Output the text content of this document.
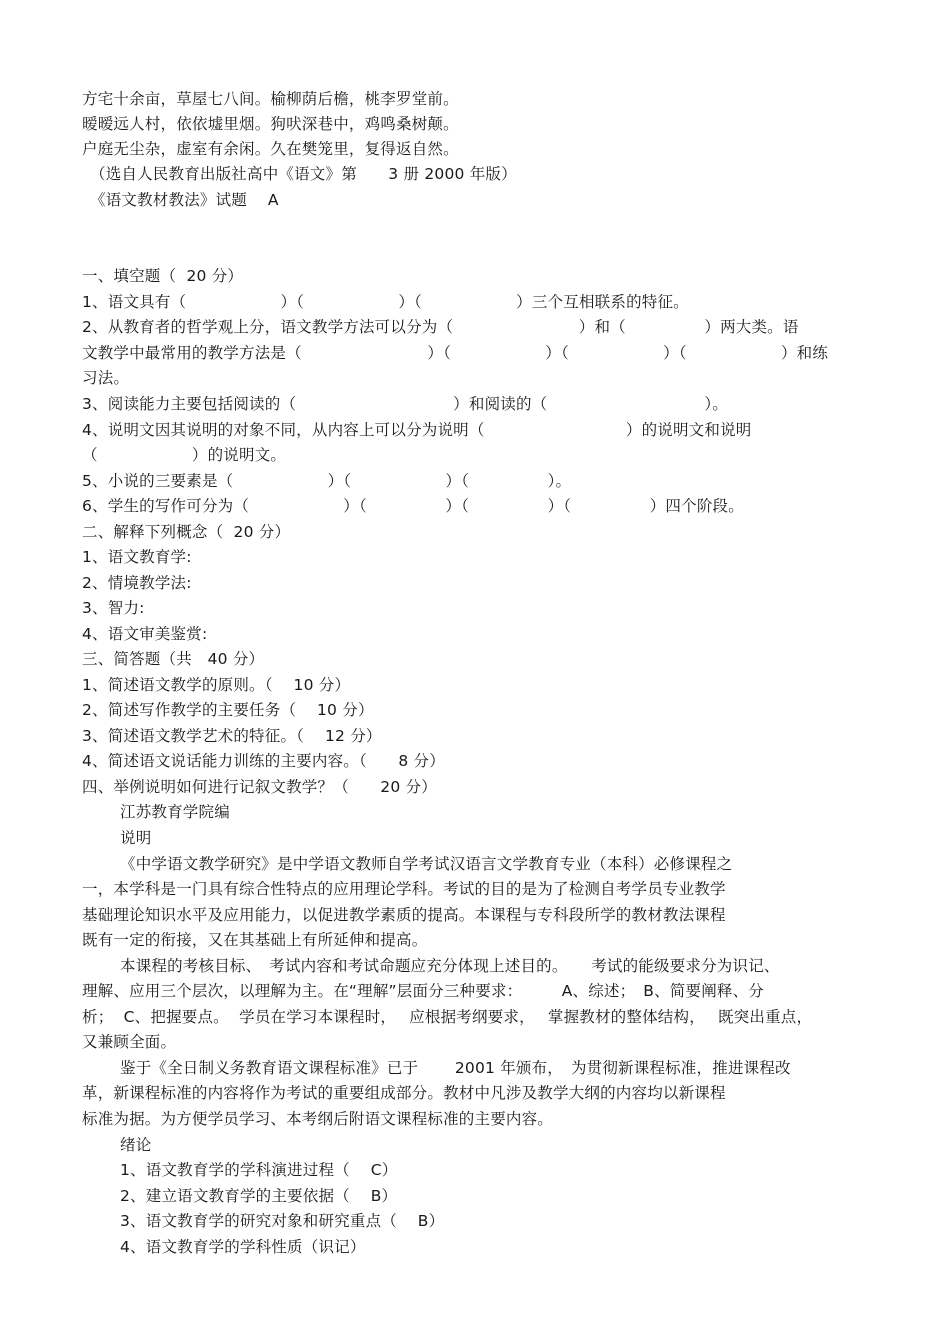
方宅十余亩，草屋七八间。榆柳荫后檐，桃李罗堂前。
暧暧远人村，依依墟里烟。狗吠深巷中，鸡鸣桑树颠。
户庭无尘杂，虚室有余闲。久在樊笼里，复得返自然。
（选自人民教育出版社高中《语文》第　　3 册 2000 年版）
《语文教材教法》试题　 A
一、填空题（  20 分）
1、语文具有（　　　　　　）（　　　　　　）（　　　　　　）三个互相联系的特征。
2、从教育者的哲学观上分，语文教学方法可以分为（　　　　　　　　）和（　　　　　）两大类。语
文教学中最常用的教学方法是（　　　　　　　　）（　　　　　　）（　　　　　　）（　　　　　　）和练
习法。
3、阅读能力主要包括阅读的（　　　　　　　　　　）和阅读的（　　　　　　　　　　）。
4、说明文因其说明的对象不同，从内容上可以分为说明（　　　　　　　　　）的说明文和说明
（　　　　　　）的说明文。
5、小说的三要素是（　　　　　　）（　　　　　　）（　　　　　）。
6、学生的写作可分为（　　　　　　）（　　　　　）（　　　　　）（　　　　　）四个阶段。
二、解释下列概念（  20 分）
1、语文教育学:
2、情境教学法:
3、智力:
4、语文审美鉴赏:
三、简答题（共　40 分）
1、简述语文教学的原则。（　 10 分）
2、简述写作教学的主要任务（　 10 分）
3、简述语文教学艺术的特征。（　 12 分）
4、简述语文说话能力训练的主要内容。（　　8 分）
四、举例说明如何进行记叙文教学？（　　20 分）
江苏教育学院编
说明
《中学语文教学研究》是中学语文教师自学考试汉语言文学教育专业（本科）必修课程之
一，本学科是一门具有综合性特点的应用理论学科。考试的目的是为了检测自考学员专业教学
基础理论知识水平及应用能力，以促进教学素质的提高。本课程与专科段所学的教材教法课程
既有一定的衔接，又在其基础上有所延伸和提高。
本课程的考核目标、　考试内容和考试命题应充分体现上述目的。　　考试的能级要求分为识记、
理解、应用三个层次，以理解为主。在“理解”层面分三种要求：　　　A、综述；　B、简要阐释、分
析；  C、把握要点。  学员在学习本课程时，　 应根据考纲要求，　 掌握教材的整体结构，　 既突出重点，
又兼顾全面。
鉴于《全日制义务教育语文课程标准》已于　　 2001 年颁布，　为贯彻新课程标准，推进课程改
革，新课程标准的内容将作为考试的重要组成部分。教材中凡涉及教学大纲的内容均以新课程
标准为据。为方便学员学习、本考纲后附语文课程标准的主要内容。
绪论
1、语文教育学的学科演进过程（　 C）
2、建立语文教育学的主要依据（　 B）
3、语文教育学的研究对象和研究重点（　 B）
4、语文教育学的学科性质（识记）
